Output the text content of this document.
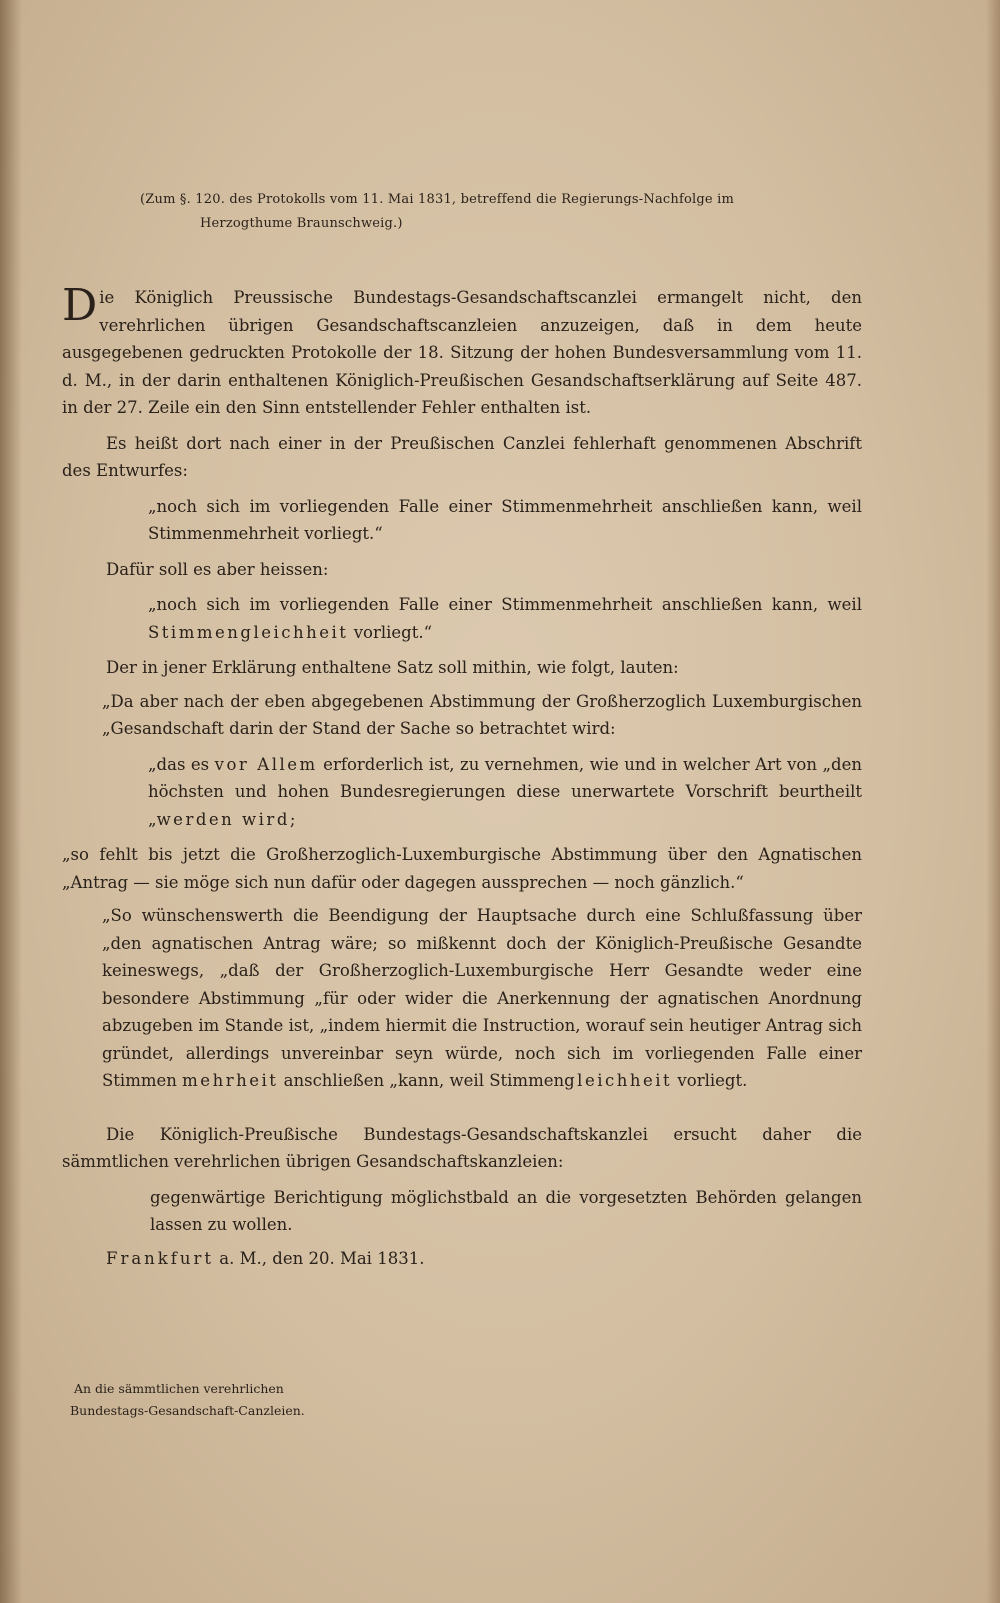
(Zum §. 120. des Protokolls vom 11. Mai 1831, betreffend die Regierungs-Nachfolge im
Herzogthume Braunschweig.)

Die Königlich Preussische Bundestags-Gesandschaftscanzlei ermangelt nicht, den verehrlichen übrigen Gesandschaftscanzleien anzuzeigen, daß in dem heute ausgegebenen gedruckten Protokolle der 18. Sitzung der hohen Bundesversammlung vom 11. d. M., in der darin enthaltenen Königlich-Preußischen Gesandschaftserklärung auf Seite 487. in der 27. Zeile ein den Sinn entstellender Fehler enthalten ist.

Es heißt dort nach einer in der Preußischen Canzlei fehlerhaft genommenen Abschrift des Entwurfes:

„noch sich im vorliegenden Falle einer Stimmenmehrheit anschließen kann, weil Stimmenmehrheit vorliegt.“

Dafür soll es aber heissen:

„noch sich im vorliegenden Falle einer Stimmenmehrheit anschließen kann, weil Stimmengleichheit vorliegt.“

Der in jener Erklärung enthaltene Satz soll mithin, wie folgt, lauten:

„Da aber nach der eben abgegebenen Abstimmung der Großherzoglich Luxemburgischen „Gesandschaft darin der Stand der Sache so betrachtet wird:

„das es vor Allem erforderlich ist, zu vernehmen, wie und in welcher Art von „den höchsten und hohen Bundesregierungen diese unerwartete Vorschrift beurtheilt „werden wird;

„so fehlt bis jetzt die Großherzoglich-Luxemburgische Abstimmung über den Agnatischen „Antrag — sie möge sich nun dafür oder dagegen aussprechen — noch gänzlich.“

„So wünschenswerth die Beendigung der Hauptsache durch eine Schlußfassung über „den agnatischen Antrag wäre; so mißkennt doch der Königlich-Preußische Gesandte keineswegs, „daß der Großherzoglich-Luxemburgische Herr Gesandte weder eine besondere Abstimmung „für oder wider die Anerkennung der agnatischen Anordnung abzugeben im Stande ist, „indem hiermit die Instruction, worauf sein heutiger Antrag sich gründet, allerdings unvereinbar seyn würde, noch sich im vorliegenden Falle einer Stimmen mehrheit anschließen „kann, weil Stimmengleichheit vorliegt.

Die Königlich-Preußische Bundestags-Gesandschaftskanzlei ersucht daher die sämmtlichen verehrlichen übrigen Gesandschaftskanzleien:

gegenwärtige Berichtigung möglichstbald an die vorgesetzten Behörden gelangen lassen zu wollen.

Frankfurt a. M., den 20. Mai 1831.

An die sämmtlichen verehrlichen
Bundestags-Gesandschaft-Canzleien.
